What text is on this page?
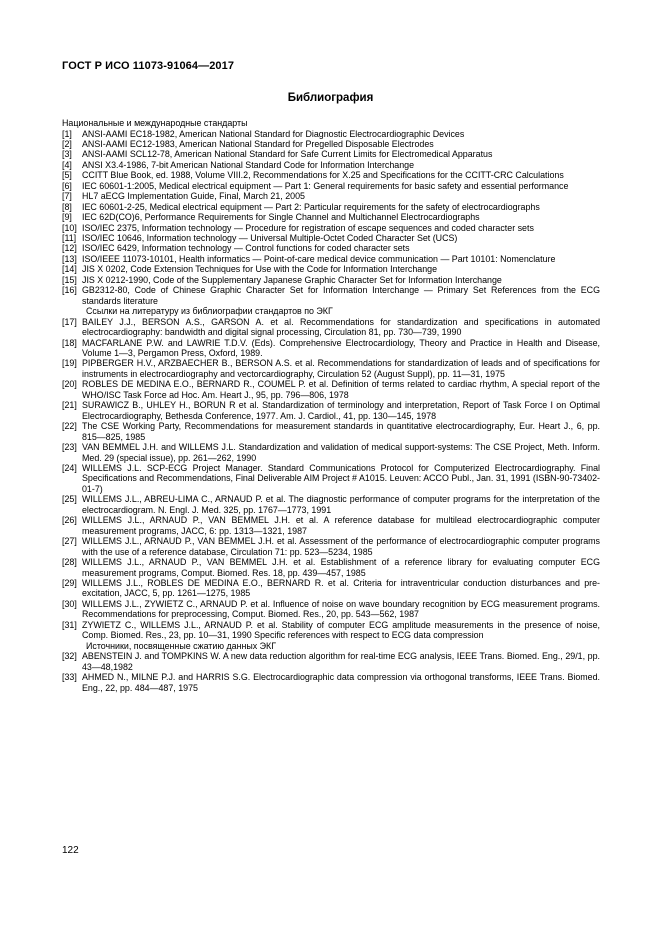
ГОСТ Р ИСО 11073-91064—2017
Библиография
Национальные и международные стандарты
[1]	ANSI-AAMI EC18-1982, American National Standard for Diagnostic Electrocardiographic Devices
[2]	ANSI-AAMI EC12-1983, American National Standard for Pregelled Disposable Electrodes
[3]	ANSI-AAMI SCL12-78, American National Standard for Safe Current Limits for Electromedical Apparatus
[4]	ANSI X3.4-1986, 7-bit American National Standard Code for Information Interchange
[5]	CCITT Blue Book, ed. 1988, Volume VIII.2, Recommendations for X.25 and Specifications for the CCITT-CRC Calculations
[6]	IEC 60601-1:2005, Medical electrical equipment — Part 1: General requirements for basic safety and essential performance
[7]	HL7 aECG Implementation Guide, Final, March 21, 2005
[8]	IEC 60601-2-25, Medical electrical equipment — Part 2: Particular requirements for the safety of electrocardiographs
[9]	IEC 62D(CO)6, Performance Requirements for Single Channel and Multichannel Electrocardiographs
[10] ISO/IEC 2375, Information technology — Procedure for registration of escape sequences and coded character sets
[11] ISO/IEC 10646, Information technology — Universal Multiple-Octet Coded Character Set (UCS)
[12] ISO/IEC 6429, Information technology — Control functions for coded character sets
[13] ISO/IEEE 11073-10101, Health informatics — Point-of-care medical device communication — Part 10101: Nomenclature
[14] JIS X 0202, Code Extension Techniques for Use with the Code for Information Interchange
[15] JIS X 0212-1990, Code of the Supplementary Japanese Graphic Character Set for Information Interchange
[16] GB2312-80, Code of Chinese Graphic Character Set for Information Interchange — Primary Set References from the ECG standards literature
Ссылки на литературу из библиографии стандартов по ЭКГ
[17] BAILEY J.J., BERSON A.S., GARSON A. et al. Recommendations for standardization and specifications in automated electrocardiography: bandwidth and digital signal processing, Circulation 81, pp. 730—739, 1990
[18] MACFARLANE P.W. and LAWRIE T.D.V. (Eds). Comprehensive Electrocardiology, Theory and Practice in Health and Disease, Volume 1—3, Pergamon Press, Oxford, 1989.
[19] PIPBERGER H.V., ARZBAECHER B., BERSON A.S. et al. Recommendations for standardization of leads and of specifications for instruments in electrocardiography and vectorcardiography, Circulation 52 (August Suppl), pp. 11—31, 1975
[20] ROBLES DE MEDINA E.O., BERNARD R., COUMEL P. et al. Definition of terms related to cardiac rhythm, A special report of the WHO/ISC Task Force ad Hoc. Am. Heart J., 95, pp. 796—806, 1978
[21] SURAWICZ B., UHLEY H., BORUN R et al. Standardization of terminology and interpretation, Report of Task Force I on Optimal Electrocardiography, Bethesda Conference, 1977. Am. J. Cardiol., 41, pp. 130—145, 1978
[22] The CSE Working Party, Recommendations for measurement standards in quantitative electrocardiography, Eur. Heart J., 6, pp. 815—825, 1985
[23] VAN BEMMEL J.H. and WILLEMS J.L. Standardization and validation of medical support-systems: The CSE Project, Meth. Inform. Med. 29 (special issue), pp. 261—262, 1990
[24] WILLEMS J.L. SCP-ECG Project Manager. Standard Communications Protocol for Computerized Electrocardiography. Final Specifications and Recommendations, Final Deliverable AIM Project # A1015. Leuven: ACCO Publ., Jan. 31, 1991 (ISBN-90-73402-01-7)
[25] WILLEMS J.L., ABREU-LIMA C., ARNAUD P. et al. The diagnostic performance of computer programs for the interpretation of the electrocardiogram. N. Engl. J. Med. 325, pp. 1767—1773, 1991
[26] WILLEMS J.L., ARNAUD P., VAN BEMMEL J.H. et al. A reference database for multilead electrocardiographic computer measurement programs, JACC, 6: pp. 1313—1321, 1987
[27] WILLEMS J.L., ARNAUD P., VAN BEMMEL J.H. et al. Assessment of the performance of electrocardiographic computer programs with the use of a reference database, Circulation 71: pp. 523—5234, 1985
[28] WILLEMS J.L., ARNAUD P., VAN BEMMEL J.H. et al. Establishment of a reference library for evaluating computer ECG measurement programs, Comput. Biomed. Res. 18, pp. 439—457, 1985
[29] WILLEMS J.L., ROBLES DE MEDINA E.O., BERNARD R. et al. Criteria for intraventricular conduction disturbances and pre-excitation, JACC, 5, pp. 1261—1275, 1985
[30] WILLEMS J.L., ZYWIETZ C., ARNAUD P. et al. Influence of noise on wave boundary recognition by ECG measurement programs. Recommendations for preprocessing, Comput. Biomed. Res., 20, pp. 543—562, 1987
[31] ZYWIETZ C., WILLEMS J.L., ARNAUD P. et al. Stability of computer ECG amplitude measurements in the presence of noise, Comp. Biomed. Res., 23, pp. 10—31, 1990 Specific references with respect to ECG data compression
Источники, посвященные сжатию данных ЭКГ
[32] ABENSTEIN J. and TOMPKINS W. A new data reduction algorithm for real-time ECG analysis, IEEE Trans. Biomed. Eng., 29/1, pp. 43—48,1982
[33] AHMED N., MILNE P.J. and HARRIS S.G. Electrocardiographic data compression via orthogonal transforms, IEEE Trans. Biomed. Eng., 22, pp. 484—487, 1975
122
